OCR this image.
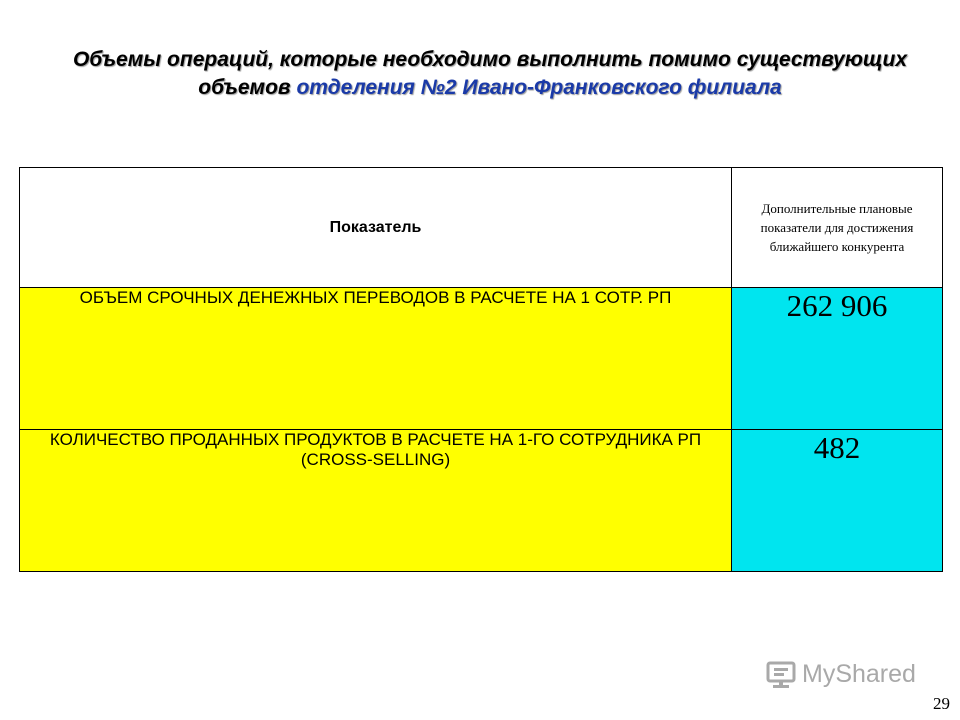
Объемы операций, которые необходимо выполнить помимо существующих объемов отделения №2 Ивано-Франковского филиала
Показатель	Дополнительные плановые показатели для достижения ближайшего конкурента
ОБЪЕМ СРОЧНЫХ ДЕНЕЖНЫХ ПЕРЕВОДОВ В РАСЧЕТЕ НА 1 СОТР. РП	262 906
КОЛИЧЕСТВО ПРОДАННЫХ ПРОДУКТОВ В РАСЧЕТЕ НА 1-ГО СОТРУДНИКА РП (CROSS-SELLING)	482
MyShared
29
